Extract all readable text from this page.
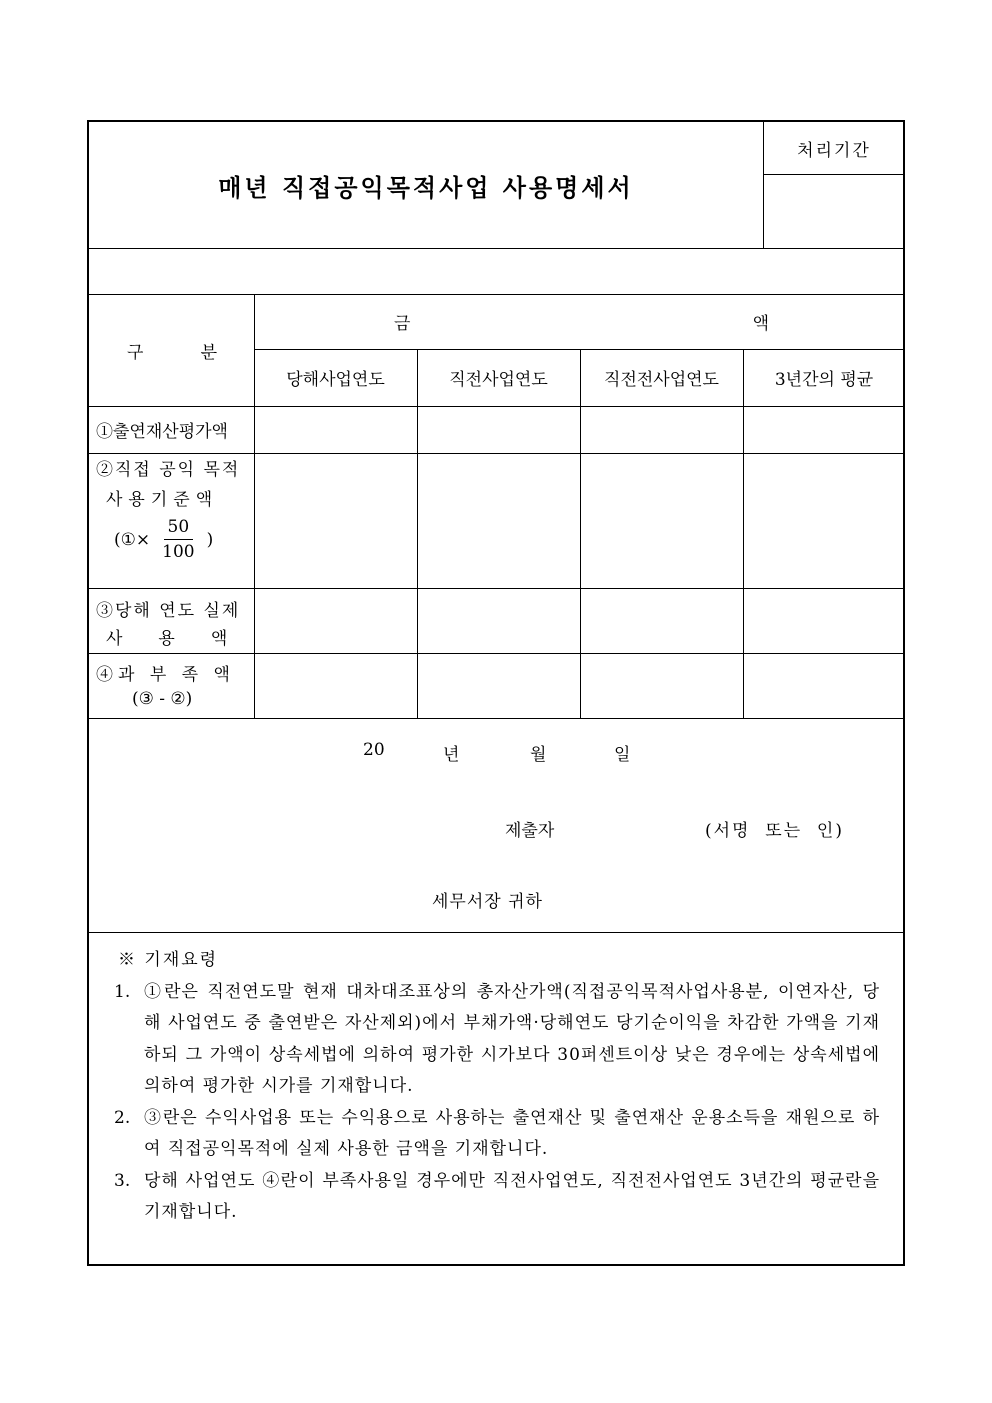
매년 직접공익목적사업 사용명세서
처리기간
구	분
금	액
당해사업연도	직전사업연도	직전전사업연도	3년간의 평균
①출연재산평가액
②직접 공익 목적
사용기준액
(①× $\frac{50}{100}$ )
③당해 연도 실제
사용액
④과 부 족 액
(③ - ②)
20	년	월	일
제출자	(서명  또는  인)
세무서장 귀하
※ 기재요령
1. ①란은 직전연도말 현재 대차대조표상의 총자산가액(직접공익목적사업사용분, 이연자산, 당해 사업연도 중 출연받은 자산제외)에서 부채가액·당해연도 당기순이익을 차감한 가액을 기재하되 그 가액이 상속세법에 의하여 평가한 시가보다 30퍼센트이상 낮은 경우에는 상속세법에 의하여 평가한 시가를 기재합니다.
2. ③란은 수익사업용 또는 수익용으로 사용하는 출연재산 및 출연재산 운용소득을 재원으로 하여 직접공익목적에 실제 사용한 금액을 기재합니다.
3. 당해 사업연도 ④란이 부족사용일 경우에만 직전사업연도, 직전전사업연도 3년간의 평균란을 기재합니다.
